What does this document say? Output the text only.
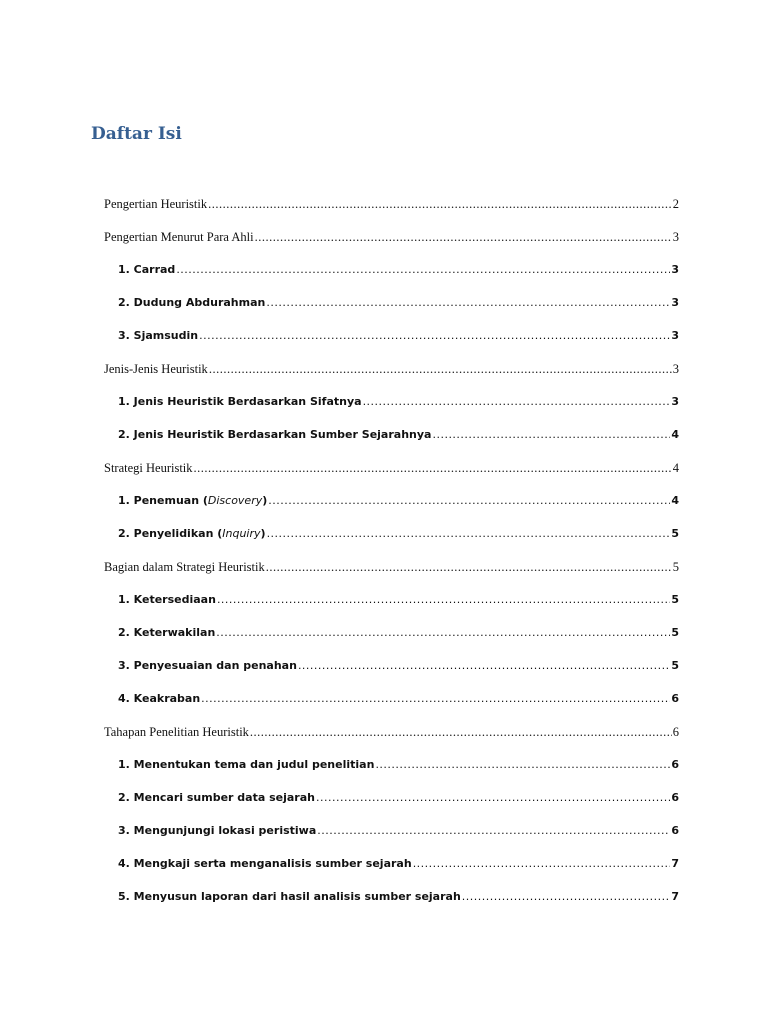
Daftar Isi
Pengertian Heuristik .....	2
Pengertian Menurut Para Ahli .....	3
1. Carrad .....	3
2. Dudung Abdurahman .....	3
3. Sjamsudin .....	3
Jenis-Jenis Heuristik .....	3
1. Jenis Heuristik Berdasarkan Sifatnya .....	3
2. Jenis Heuristik Berdasarkan Sumber Sejarahnya .....	4
Strategi Heuristik .....	4
1. Penemuan (Discovery) .....	4
2. Penyelidikan (Inquiry) .....	5
Bagian dalam Strategi Heuristik .....	5
1. Ketersediaan .....	5
2. Keterwakilan .....	5
3. Penyesuaian dan penahan .....	5
4. Keakraban .....	6
Tahapan Penelitian Heuristik .....	6
1. Menentukan tema dan judul penelitian .....	6
2. Mencari sumber data sejarah .....	6
3. Mengunjungi lokasi peristiwa .....	6
4. Mengkaji serta menganalisis sumber sejarah .....	7
5. Menyusun laporan dari hasil analisis sumber sejarah .....	7
